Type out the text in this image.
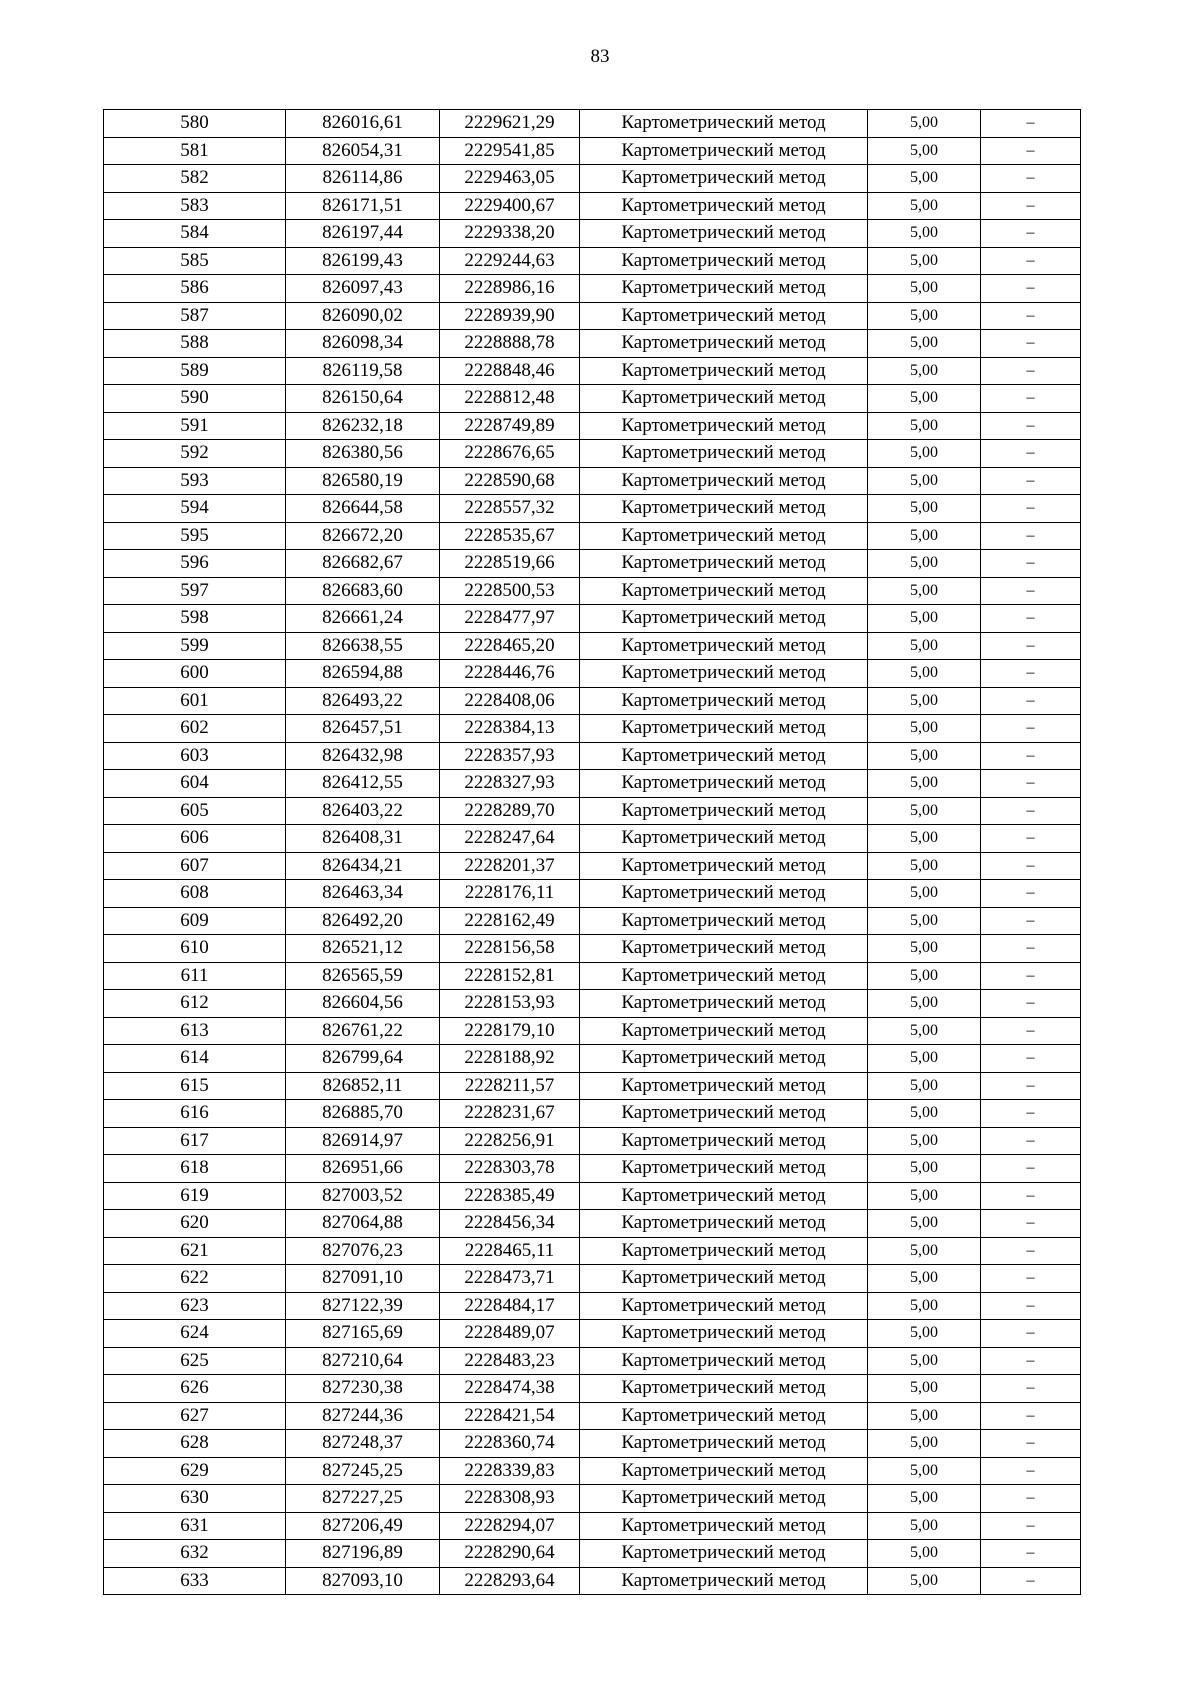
83
580	826016,61	2229621,29	Картометрический метод	5,00	–
581	826054,31	2229541,85	Картометрический метод	5,00	–
582	826114,86	2229463,05	Картометрический метод	5,00	–
583	826171,51	2229400,67	Картометрический метод	5,00	–
584	826197,44	2229338,20	Картометрический метод	5,00	–
585	826199,43	2229244,63	Картометрический метод	5,00	–
586	826097,43	2228986,16	Картометрический метод	5,00	–
587	826090,02	2228939,90	Картометрический метод	5,00	–
588	826098,34	2228888,78	Картометрический метод	5,00	–
589	826119,58	2228848,46	Картометрический метод	5,00	–
590	826150,64	2228812,48	Картометрический метод	5,00	–
591	826232,18	2228749,89	Картометрический метод	5,00	–
592	826380,56	2228676,65	Картометрический метод	5,00	–
593	826580,19	2228590,68	Картометрический метод	5,00	–
594	826644,58	2228557,32	Картометрический метод	5,00	–
595	826672,20	2228535,67	Картометрический метод	5,00	–
596	826682,67	2228519,66	Картометрический метод	5,00	–
597	826683,60	2228500,53	Картометрический метод	5,00	–
598	826661,24	2228477,97	Картометрический метод	5,00	–
599	826638,55	2228465,20	Картометрический метод	5,00	–
600	826594,88	2228446,76	Картометрический метод	5,00	–
601	826493,22	2228408,06	Картометрический метод	5,00	–
602	826457,51	2228384,13	Картометрический метод	5,00	–
603	826432,98	2228357,93	Картометрический метод	5,00	–
604	826412,55	2228327,93	Картометрический метод	5,00	–
605	826403,22	2228289,70	Картометрический метод	5,00	–
606	826408,31	2228247,64	Картометрический метод	5,00	–
607	826434,21	2228201,37	Картометрический метод	5,00	–
608	826463,34	2228176,11	Картометрический метод	5,00	–
609	826492,20	2228162,49	Картометрический метод	5,00	–
610	826521,12	2228156,58	Картометрический метод	5,00	–
611	826565,59	2228152,81	Картометрический метод	5,00	–
612	826604,56	2228153,93	Картометрический метод	5,00	–
613	826761,22	2228179,10	Картометрический метод	5,00	–
614	826799,64	2228188,92	Картометрический метод	5,00	–
615	826852,11	2228211,57	Картометрический метод	5,00	–
616	826885,70	2228231,67	Картометрический метод	5,00	–
617	826914,97	2228256,91	Картометрический метод	5,00	–
618	826951,66	2228303,78	Картометрический метод	5,00	–
619	827003,52	2228385,49	Картометрический метод	5,00	–
620	827064,88	2228456,34	Картометрический метод	5,00	–
621	827076,23	2228465,11	Картометрический метод	5,00	–
622	827091,10	2228473,71	Картометрический метод	5,00	–
623	827122,39	2228484,17	Картометрический метод	5,00	–
624	827165,69	2228489,07	Картометрический метод	5,00	–
625	827210,64	2228483,23	Картометрический метод	5,00	–
626	827230,38	2228474,38	Картометрический метод	5,00	–
627	827244,36	2228421,54	Картометрический метод	5,00	–
628	827248,37	2228360,74	Картометрический метод	5,00	–
629	827245,25	2228339,83	Картометрический метод	5,00	–
630	827227,25	2228308,93	Картометрический метод	5,00	–
631	827206,49	2228294,07	Картометрический метод	5,00	–
632	827196,89	2228290,64	Картометрический метод	5,00	–
633	827093,10	2228293,64	Картометрический метод	5,00	–
